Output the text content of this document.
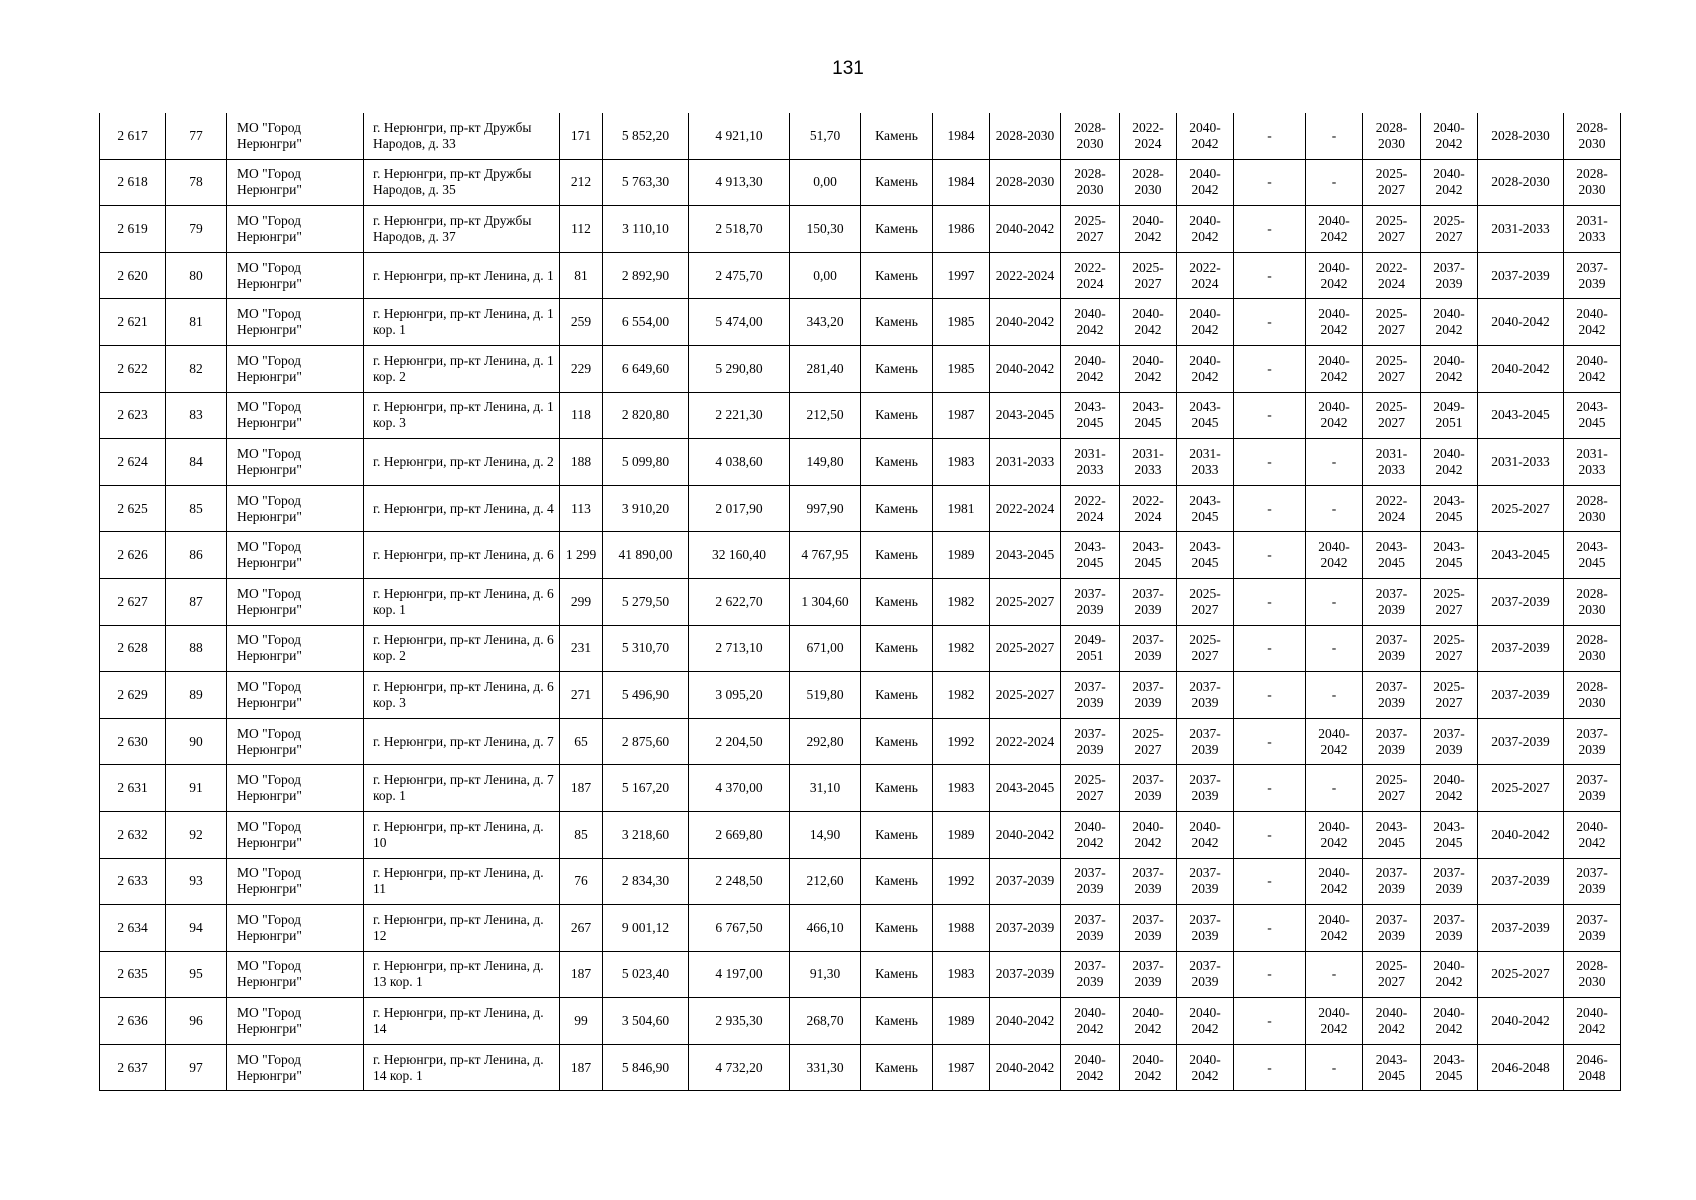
131
2 617	77	МО "Город Нерюнгри"	г. Нерюнгри, пр-кт Дружбы Народов, д. 33	171	5 852,20	4 921,10	51,70	Камень	1984	2028-2030	2028-2030	2022-2024	2040-2042	-	-	2028-2030	2040-2042	2028-2030	2028-2030
2 618	78	МО "Город Нерюнгри"	г. Нерюнгри, пр-кт Дружбы Народов, д. 35	212	5 763,30	4 913,30	0,00	Камень	1984	2028-2030	2028-2030	2028-2030	2040-2042	-	-	2025-2027	2040-2042	2028-2030	2028-2030
2 619	79	МО "Город Нерюнгри"	г. Нерюнгри, пр-кт Дружбы Народов, д. 37	112	3 110,10	2 518,70	150,30	Камень	1986	2040-2042	2025-2027	2040-2042	2040-2042	-	2040-2042	2025-2027	2025-2027	2031-2033	2031-2033
2 620	80	МО "Город Нерюнгри"	г. Нерюнгри, пр-кт Ленина, д. 1	81	2 892,90	2 475,70	0,00	Камень	1997	2022-2024	2022-2024	2025-2027	2022-2024	-	2040-2042	2022-2024	2037-2039	2037-2039	2037-2039
2 621	81	МО "Город Нерюнгри"	г. Нерюнгри, пр-кт Ленина, д. 1 кор. 1	259	6 554,00	5 474,00	343,20	Камень	1985	2040-2042	2040-2042	2040-2042	2040-2042	-	2040-2042	2025-2027	2040-2042	2040-2042	2040-2042
2 622	82	МО "Город Нерюнгри"	г. Нерюнгри, пр-кт Ленина, д. 1 кор. 2	229	6 649,60	5 290,80	281,40	Камень	1985	2040-2042	2040-2042	2040-2042	2040-2042	-	2040-2042	2025-2027	2040-2042	2040-2042	2040-2042
2 623	83	МО "Город Нерюнгри"	г. Нерюнгри, пр-кт Ленина, д. 1 кор. 3	118	2 820,80	2 221,30	212,50	Камень	1987	2043-2045	2043-2045	2043-2045	2043-2045	-	2040-2042	2025-2027	2049-2051	2043-2045	2043-2045
2 624	84	МО "Город Нерюнгри"	г. Нерюнгри, пр-кт Ленина, д. 2	188	5 099,80	4 038,60	149,80	Камень	1983	2031-2033	2031-2033	2031-2033	2031-2033	-	-	2031-2033	2040-2042	2031-2033	2031-2033
2 625	85	МО "Город Нерюнгри"	г. Нерюнгри, пр-кт Ленина, д. 4	113	3 910,20	2 017,90	997,90	Камень	1981	2022-2024	2022-2024	2022-2024	2043-2045	-	-	2022-2024	2043-2045	2025-2027	2028-2030
2 626	86	МО "Город Нерюнгри"	г. Нерюнгри, пр-кт Ленина, д. 6	1 299	41 890,00	32 160,40	4 767,95	Камень	1989	2043-2045	2043-2045	2043-2045	2043-2045	-	2040-2042	2043-2045	2043-2045	2043-2045	2043-2045
2 627	87	МО "Город Нерюнгри"	г. Нерюнгри, пр-кт Ленина, д. 6 кор. 1	299	5 279,50	2 622,70	1 304,60	Камень	1982	2025-2027	2037-2039	2037-2039	2025-2027	-	-	2037-2039	2025-2027	2037-2039	2028-2030
2 628	88	МО "Город Нерюнгри"	г. Нерюнгри, пр-кт Ленина, д. 6 кор. 2	231	5 310,70	2 713,10	671,00	Камень	1982	2025-2027	2049-2051	2037-2039	2025-2027	-	-	2037-2039	2025-2027	2037-2039	2028-2030
2 629	89	МО "Город Нерюнгри"	г. Нерюнгри, пр-кт Ленина, д. 6 кор. 3	271	5 496,90	3 095,20	519,80	Камень	1982	2025-2027	2037-2039	2037-2039	2037-2039	-	-	2037-2039	2025-2027	2037-2039	2028-2030
2 630	90	МО "Город Нерюнгри"	г. Нерюнгри, пр-кт Ленина, д. 7	65	2 875,60	2 204,50	292,80	Камень	1992	2022-2024	2037-2039	2025-2027	2037-2039	-	2040-2042	2037-2039	2037-2039	2037-2039	2037-2039
2 631	91	МО "Город Нерюнгри"	г. Нерюнгри, пр-кт Ленина, д. 7 кор. 1	187	5 167,20	4 370,00	31,10	Камень	1983	2043-2045	2025-2027	2037-2039	2037-2039	-	-	2025-2027	2040-2042	2025-2027	2037-2039
2 632	92	МО "Город Нерюнгри"	г. Нерюнгри, пр-кт Ленина, д. 10	85	3 218,60	2 669,80	14,90	Камень	1989	2040-2042	2040-2042	2040-2042	2040-2042	-	2040-2042	2043-2045	2043-2045	2040-2042	2040-2042
2 633	93	МО "Город Нерюнгри"	г. Нерюнгри, пр-кт Ленина, д. 11	76	2 834,30	2 248,50	212,60	Камень	1992	2037-2039	2037-2039	2037-2039	2037-2039	-	2040-2042	2037-2039	2037-2039	2037-2039	2037-2039
2 634	94	МО "Город Нерюнгри"	г. Нерюнгри, пр-кт Ленина, д. 12	267	9 001,12	6 767,50	466,10	Камень	1988	2037-2039	2037-2039	2037-2039	2037-2039	-	2040-2042	2037-2039	2037-2039	2037-2039	2037-2039
2 635	95	МО "Город Нерюнгри"	г. Нерюнгри, пр-кт Ленина, д. 13 кор. 1	187	5 023,40	4 197,00	91,30	Камень	1983	2037-2039	2037-2039	2037-2039	2037-2039	-	-	2025-2027	2040-2042	2025-2027	2028-2030
2 636	96	МО "Город Нерюнгри"	г. Нерюнгри, пр-кт Ленина, д. 14	99	3 504,60	2 935,30	268,70	Камень	1989	2040-2042	2040-2042	2040-2042	2040-2042	-	2040-2042	2040-2042	2040-2042	2040-2042	2040-2042
2 637	97	МО "Город Нерюнгри"	г. Нерюнгри, пр-кт Ленина, д. 14 кор. 1	187	5 846,90	4 732,20	331,30	Камень	1987	2040-2042	2040-2042	2040-2042	2040-2042	-	-	2043-2045	2043-2045	2046-2048	2046-2048
